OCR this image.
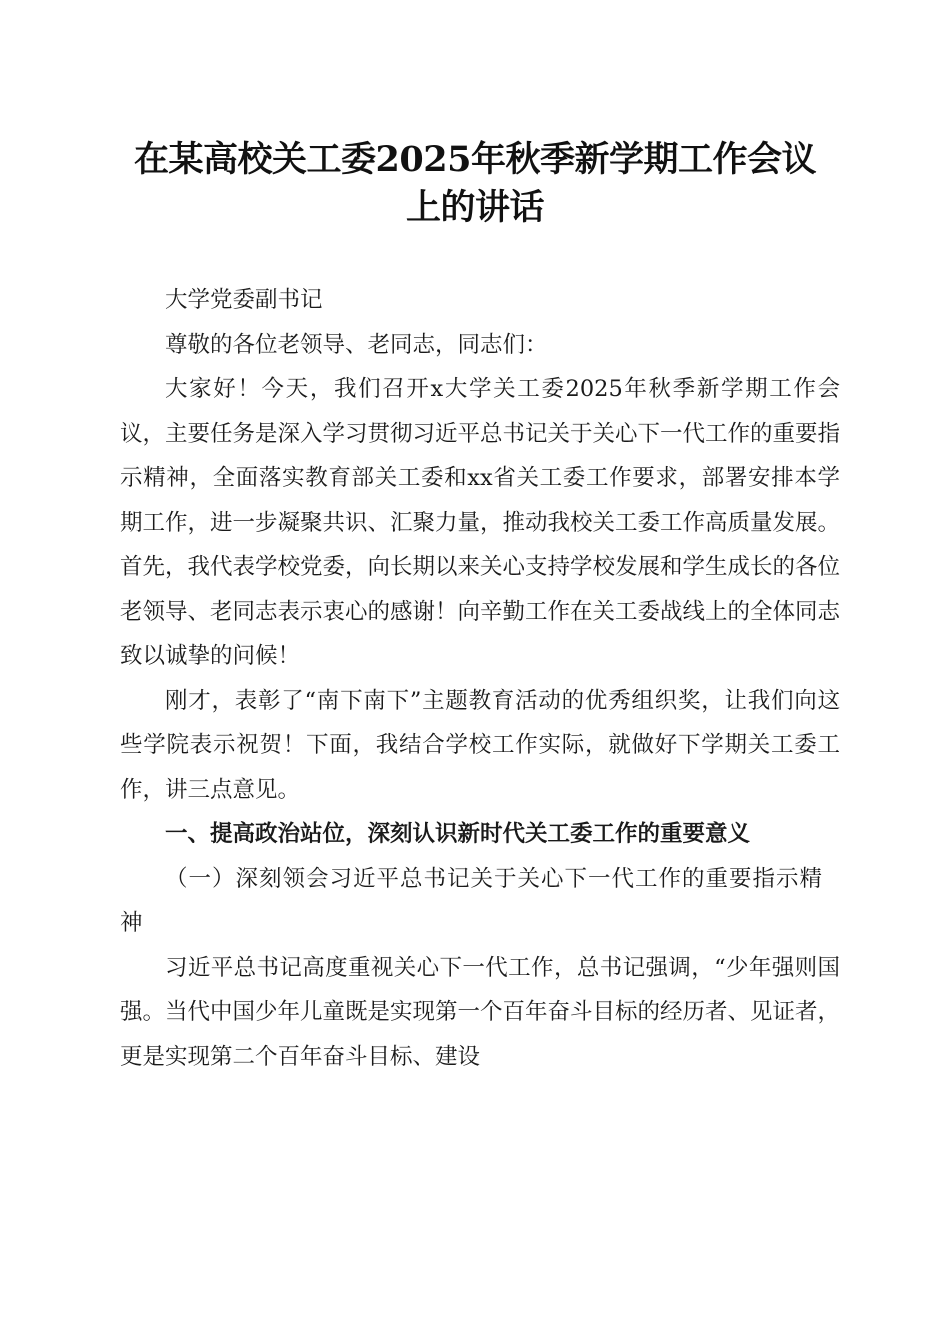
在某高校关工委2025年秋季新学期工作会议
上的讲话

大学党委副书记

尊敬的各位老领导、老同志，同志们：

大家好！今天，我们召开x大学关工委2025年秋季新学期工作会议，主要任务是深入学习贯彻习近平总书记关于关心下一代工作的重要指示精神，全面落实教育部关工委和xx省关工委工作要求，部署安排本学期工作，进一步凝聚共识、汇聚力量，推动我校关工委工作高质量发展。首先，我代表学校党委，向长期以来关心支持学校发展和学生成长的各位老领导、老同志表示衷心的感谢！向辛勤工作在关工委战线上的全体同志致以诚挚的问候！

刚才，表彰了“南下南下”主题教育活动的优秀组织奖，让我们向这些学院表示祝贺！下面，我结合学校工作实际，就做好下学期关工委工作，讲三点意见。

一、提高政治站位，深刻认识新时代关工委工作的重要意义

（一）深刻领会习近平总书记关于关心下一代工作的重要指示精神

习近平总书记高度重视关心下一代工作，总书记强调，“少年强则国强。当代中国少年儿童既是实现第一个百年奋斗目标的经历者、见证者，更是实现第二个百年奋斗目标、建设
